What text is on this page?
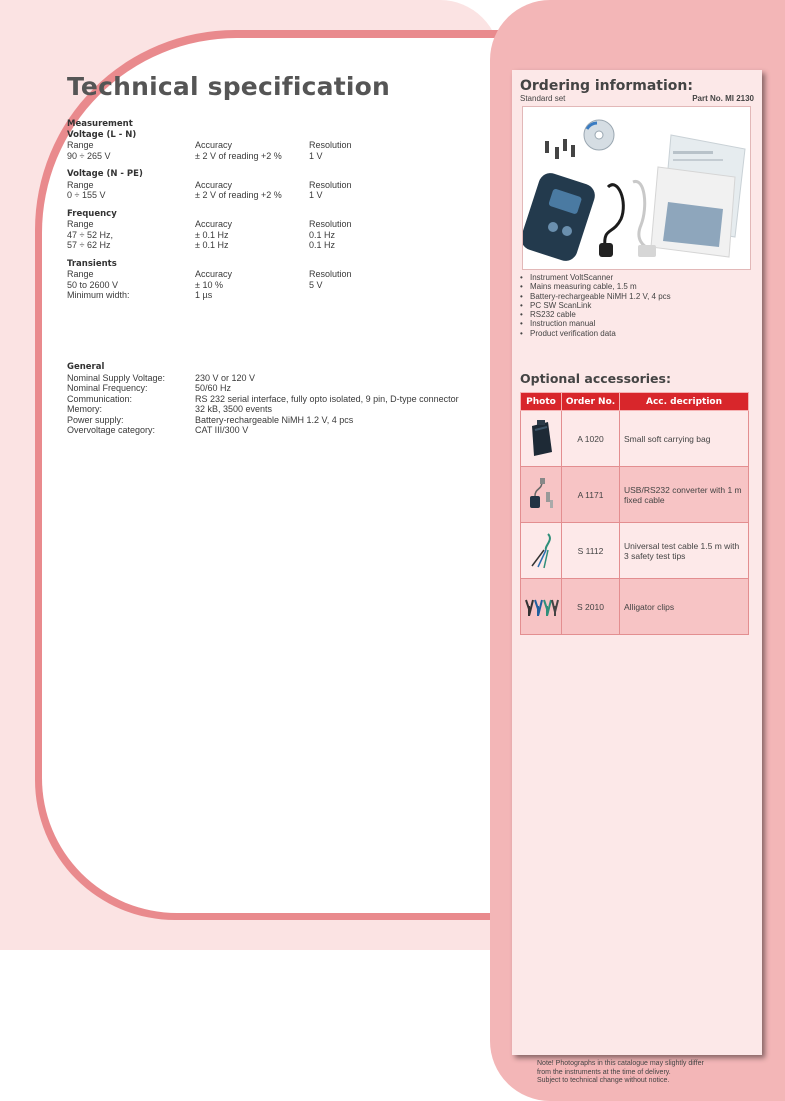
Technical specification
Measurement
Voltage (L - N)
Range	Accuracy	Resolution
90 ÷ 265 V	± 2 V of reading +2 %	1 V
Voltage (N - PE)
Range	Accuracy	Resolution
0 ÷ 155 V	± 2 V of reading +2 %	1 V
Frequency
Range	Accuracy	Resolution
47 ÷ 52 Hz,	± 0.1 Hz	0.1 Hz
57 ÷ 62 Hz	± 0.1 Hz	0.1 Hz
Transients
Range	Accuracy	Resolution
50 to 2600 V	± 10 %	5 V
Minimum width:	1 µs
General
Nominal Supply Voltage:	230 V or 120 V
Nominal Frequency:	50/60 Hz
Communication:	RS 232 serial interface, fully opto isolated, 9 pin, D-type connector
Memory:	32 kB, 3500 events
Power supply:	Battery-rechargeable NiMH 1.2 V, 4 pcs
Overvoltage category:	CAT III/300 V
Ordering information:
Standard set	Part No. MI 2130
• Instrument VoltScanner
• Mains measuring cable, 1.5 m
• Battery-rechargeable NiMH 1.2 V, 4 pcs
• PC SW ScanLink
• RS232 cable
• Instruction manual
• Product verification data
Optional accessories:
Photo	Order No.	Acc. decription
	A 1020	Small soft carrying bag
	A 1171	USB/RS232 converter with 1 m fixed cable
	S 1112	Universal test cable 1.5 m with 3 safety test tips
	S 2010	Alligator clips
Note! Photographs in this catalogue may slightly differ
from the instruments at the time of delivery.
Subject to technical change without notice.
